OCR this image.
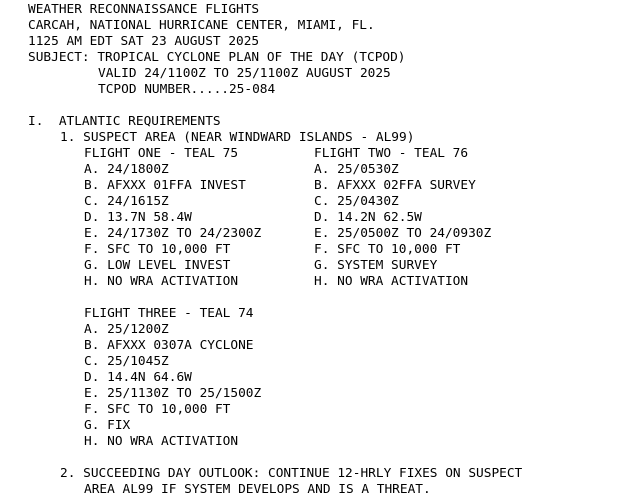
WEATHER RECONNAISSANCE FLIGHTS
CARCAH, NATIONAL HURRICANE CENTER, MIAMI, FL.
1125 AM EDT SAT 23 AUGUST 2025
SUBJECT: TROPICAL CYCLONE PLAN OF THE DAY (TCPOD)
VALID 24/1100Z TO 25/1100Z AUGUST 2025
TCPOD NUMBER.....25-084
I.  ATLANTIC REQUIREMENTS
1. SUSPECT AREA (NEAR WINDWARD ISLANDS - AL99)
FLIGHT ONE - TEAL 75
A. 24/1800Z
B. AFXXX 01FFA INVEST
C. 24/1615Z
D. 13.7N 58.4W
E. 24/1730Z TO 24/2300Z
F. SFC TO 10,000 FT
G. LOW LEVEL INVEST
H. NO WRA ACTIVATION
FLIGHT TWO - TEAL 76
A. 25/0530Z
B. AFXXX 02FFA SURVEY
C. 25/0430Z
D. 14.2N 62.5W
E. 25/0500Z TO 24/0930Z
F. SFC TO 10,000 FT
G. SYSTEM SURVEY
H. NO WRA ACTIVATION
FLIGHT THREE - TEAL 74
A. 25/1200Z
B. AFXXX 0307A CYCLONE
C. 25/1045Z
D. 14.4N 64.6W
E. 25/1130Z TO 25/1500Z
F. SFC TO 10,000 FT
G. FIX
H. NO WRA ACTIVATION
2. SUCCEEDING DAY OUTLOOK: CONTINUE 12-HRLY FIXES ON SUSPECT
AREA AL99 IF SYSTEM DEVELOPS AND IS A THREAT.
